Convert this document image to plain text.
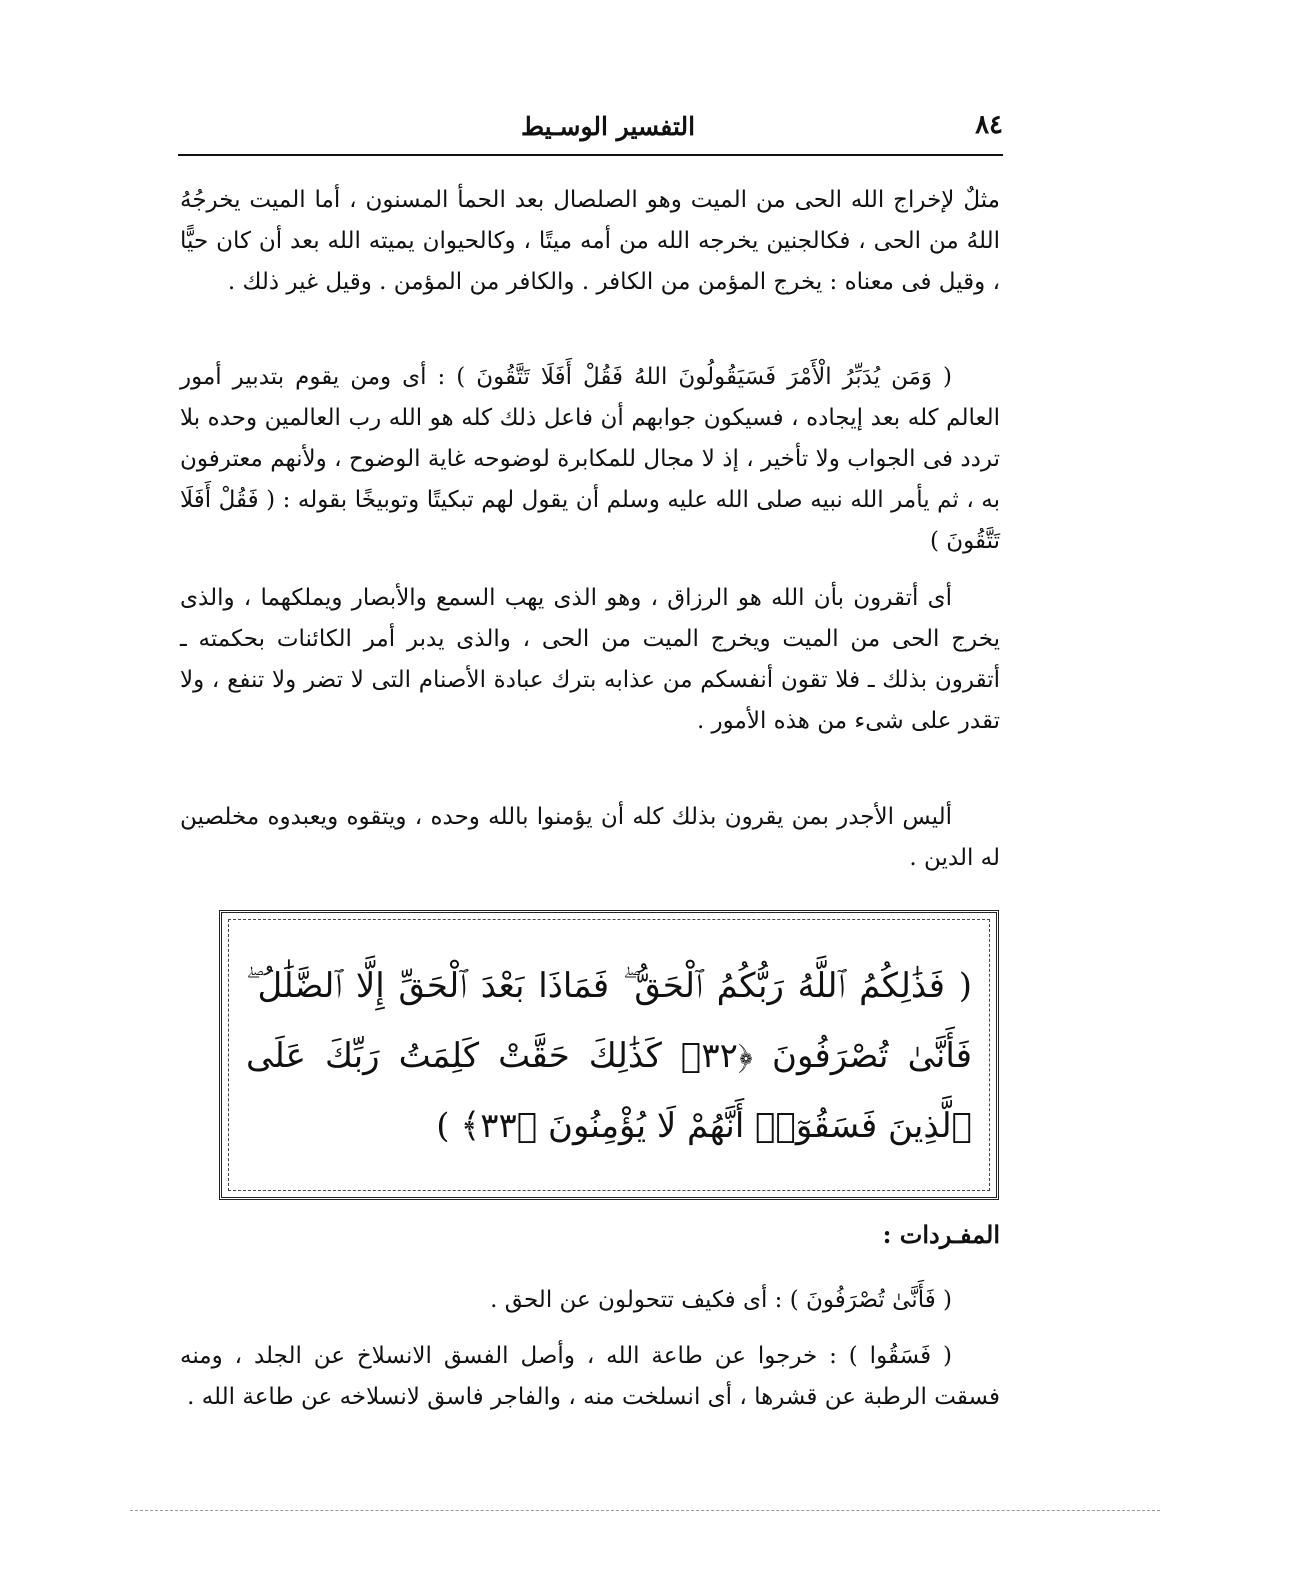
٨٤
التفسير الوسـيط
مثلٌ لإخراج الله الحى من الميت وهو الصلصال بعد الحمأ المسنون ، أما الميت يخرجُهُ اللهُ من الحى ، فكالجنين يخرجه الله من أمه ميتًا ، وكالحيوان يميته الله بعد أن كان حيًّا ، وقيل فى معناه : يخرج المؤمن من الكافر . والكافر من المؤمن . وقيل غير ذلك .
( وَمَن يُدَبِّرُ الْأَمْرَ فَسَيَقُولُونَ اللهُ فَقُلْ أَفَلَا تَتَّقُونَ ) : أى ومن يقوم بتدبير أمور العالم كله بعد إيجاده ، فسيكون جوابهم أن فاعل ذلك كله هو الله رب العالمين وحده بلا تردد فى الجواب ولا تأخير ، إذ لا مجال للمكابرة لوضوحه غاية الوضوح ، ولأنهم معترفون به ، ثم يأمر الله نبيه صلى الله عليه وسلم أن يقول لهم تبكيتًا وتوبيخًا بقوله : ( فَقُلْ أَفَلَا تَتَّقُونَ )
أى أتقرون بأن الله هو الرزاق ، وهو الذى يهب السمع والأبصار ويملكهما ، والذى يخرج الحى من الميت ويخرج الميت من الحى ، والذى يدبر أمر الكائنات بحكمته ـ أتقرون بذلك ـ فلا تقون أنفسكم من عذابه بترك عبادة الأصنام التى لا تضر ولا تنفع ، ولا تقدر على شىء من هذه الأمور .
أليس الأجدر بمن يقرون بذلك كله أن يؤمنوا بالله وحده ، ويتقوه ويعبدوه مخلصين له الدين .
( فَذَٰلِكُمُ ٱللَّهُ رَبُّكُمُ ٱلْحَقُّ ۖ فَمَاذَا بَعْدَ ٱلْحَقِّ إِلَّا ٱلضَّلَٰلُ ۖ فَأَنَّىٰ تُصْرَفُونَ ﴿٣٢﴾ كَذَٰلِكَ حَقَّتْ كَلِمَتُ رَبِّكَ عَلَى ٱلَّذِينَ فَسَقُوٓا۟ أَنَّهُمْ لَا يُؤْمِنُونَ ﴿٣٣﴾ )
المفـردات :
( فَأَنَّىٰ تُصْرَفُونَ ) : أى فكيف تتحولون عن الحق .
( فَسَقُوا ) : خرجوا عن طاعة الله ، وأصل الفسق الانسلاخ عن الجلد ، ومنه فسقت الرطبة عن قشرها ، أى انسلخت منه ، والفاجر فاسق لانسلاخه عن طاعة الله .
